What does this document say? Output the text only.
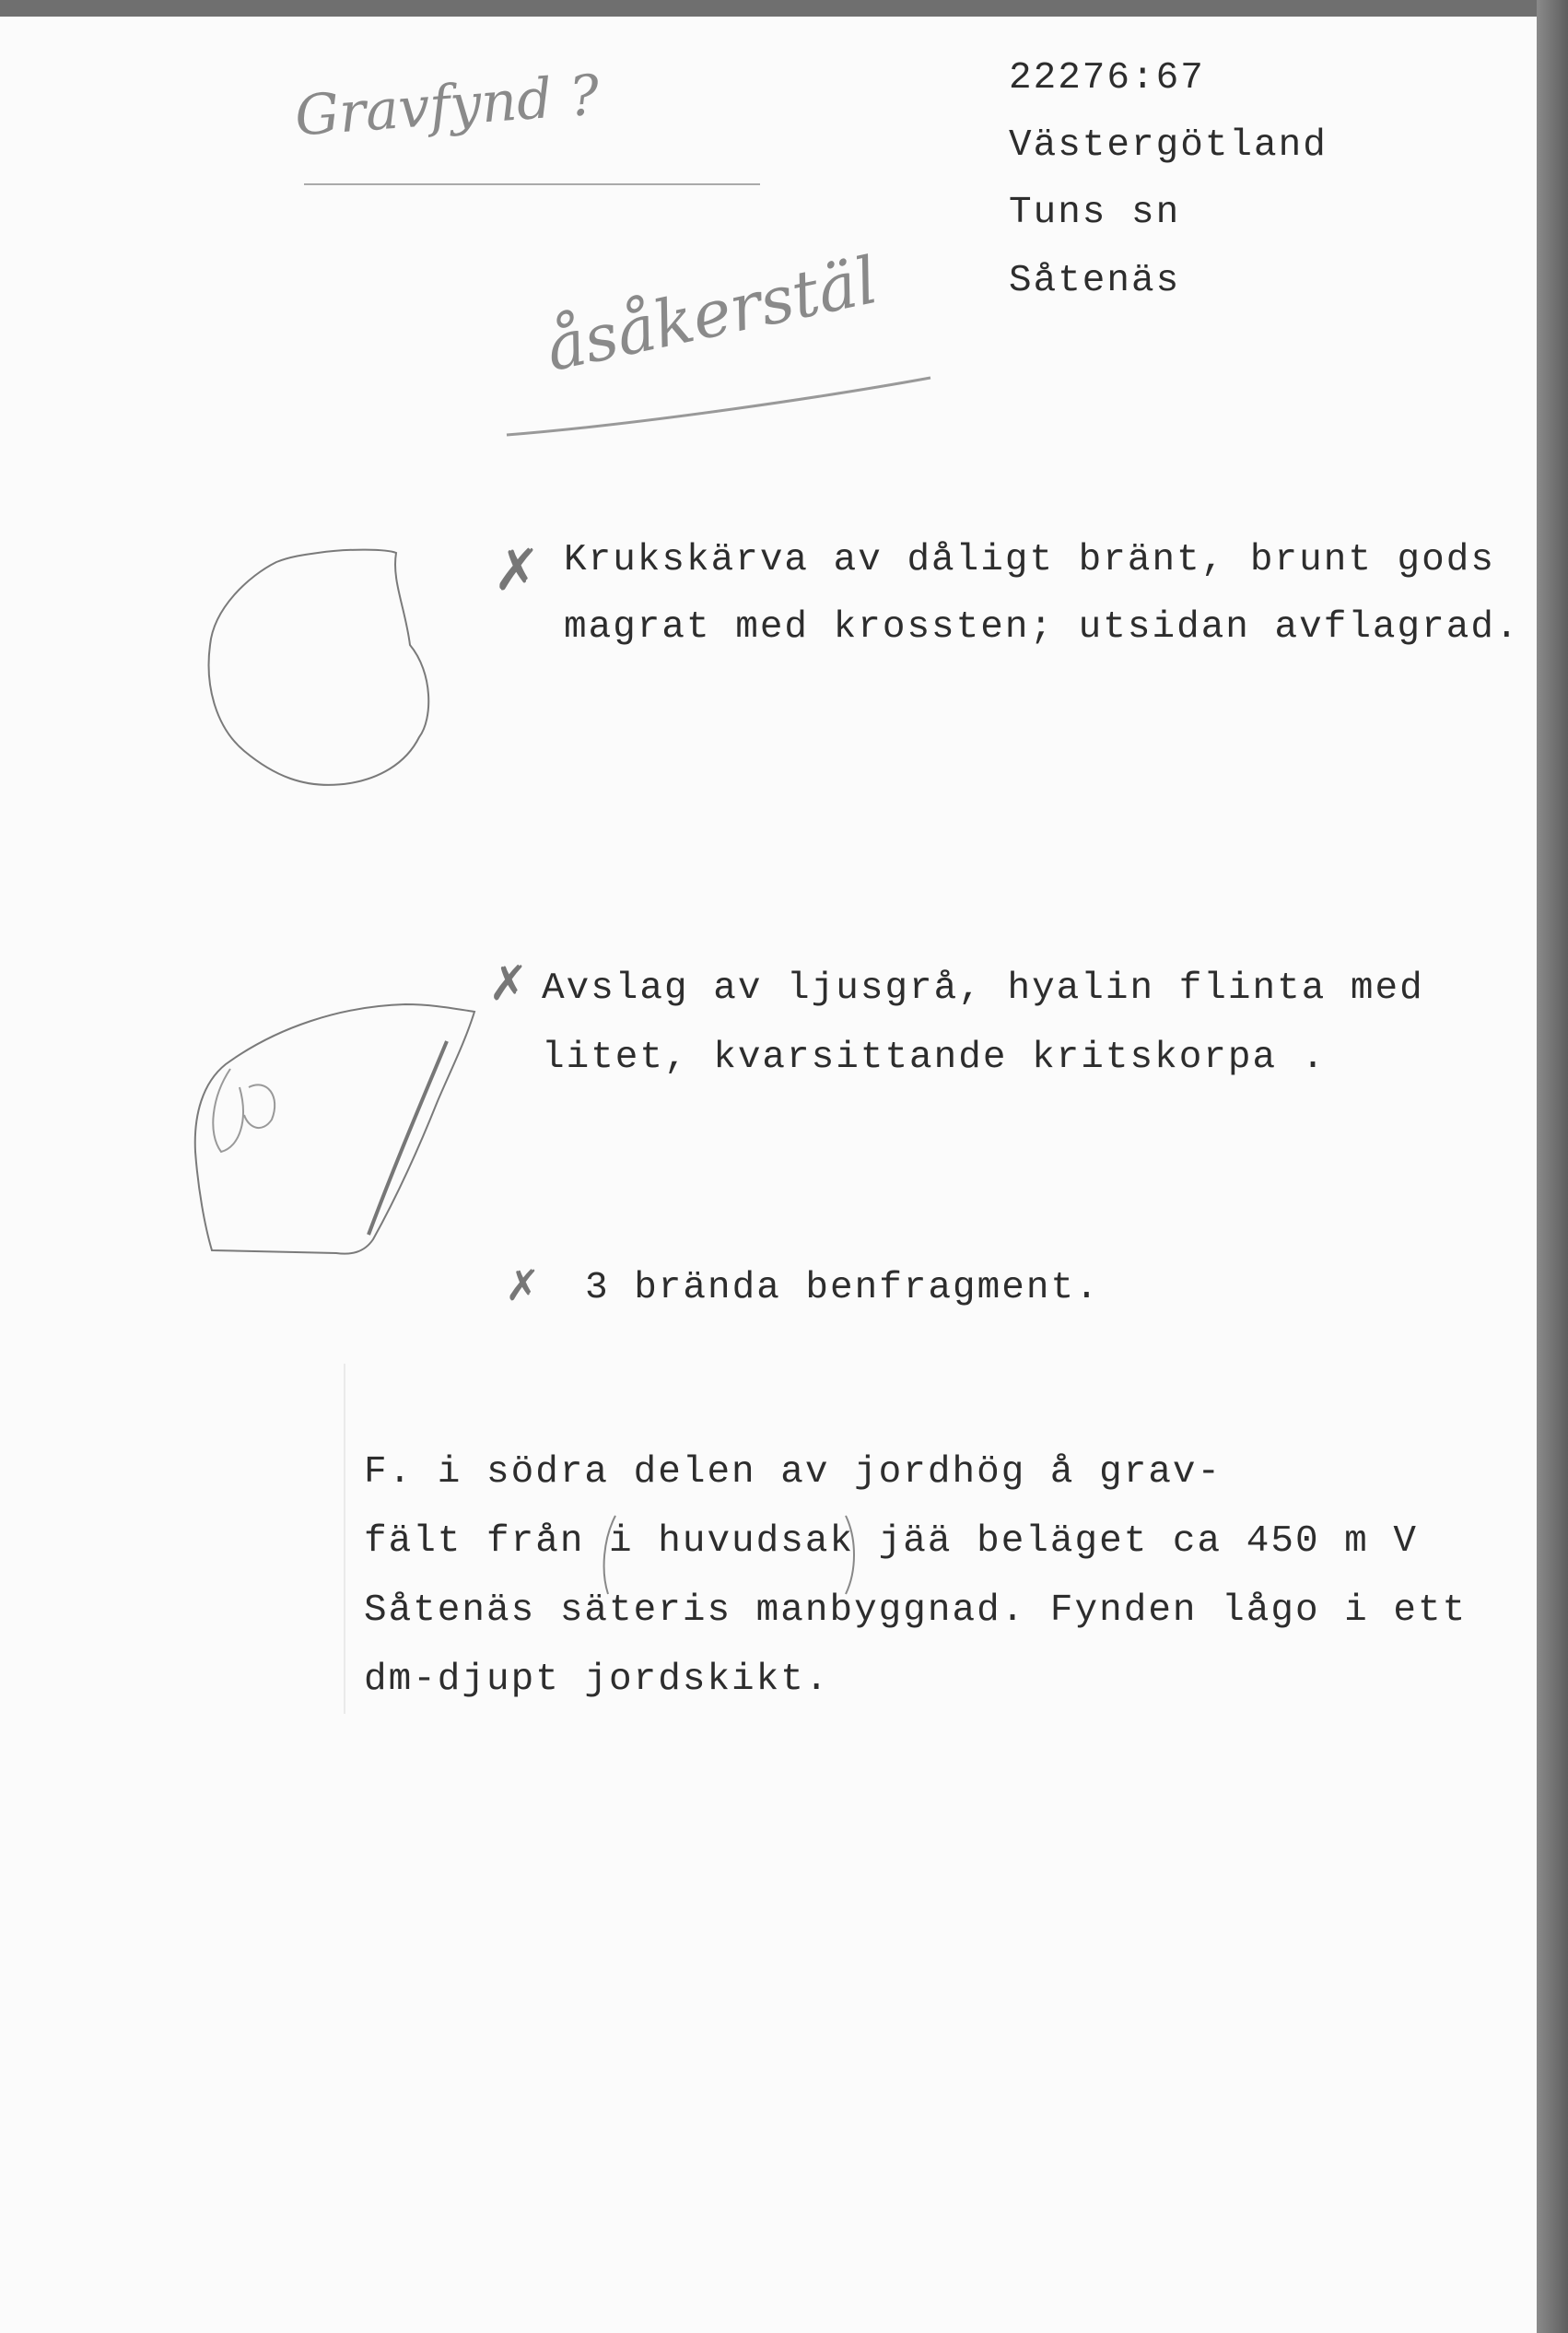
22276:67
Västergötland
Tuns sn
Såtenäs
Gravfynd ?
åsåkerstäl
✗
✗
✗
Krukskärva av dåligt bränt, brunt gods
magrat med krossten; utsidan avflagrad.
Avslag av ljusgrå, hyalin flinta med
litet, kvarsittande kritskorpa .
3 brända benfragment.
F. i södra delen av jordhög å grav-
fält från i huvudsak jää beläget ca 450 m V
Såtenäs säteris manbyggnad. Fynden lågo i ett
dm-djupt jordskikt.
